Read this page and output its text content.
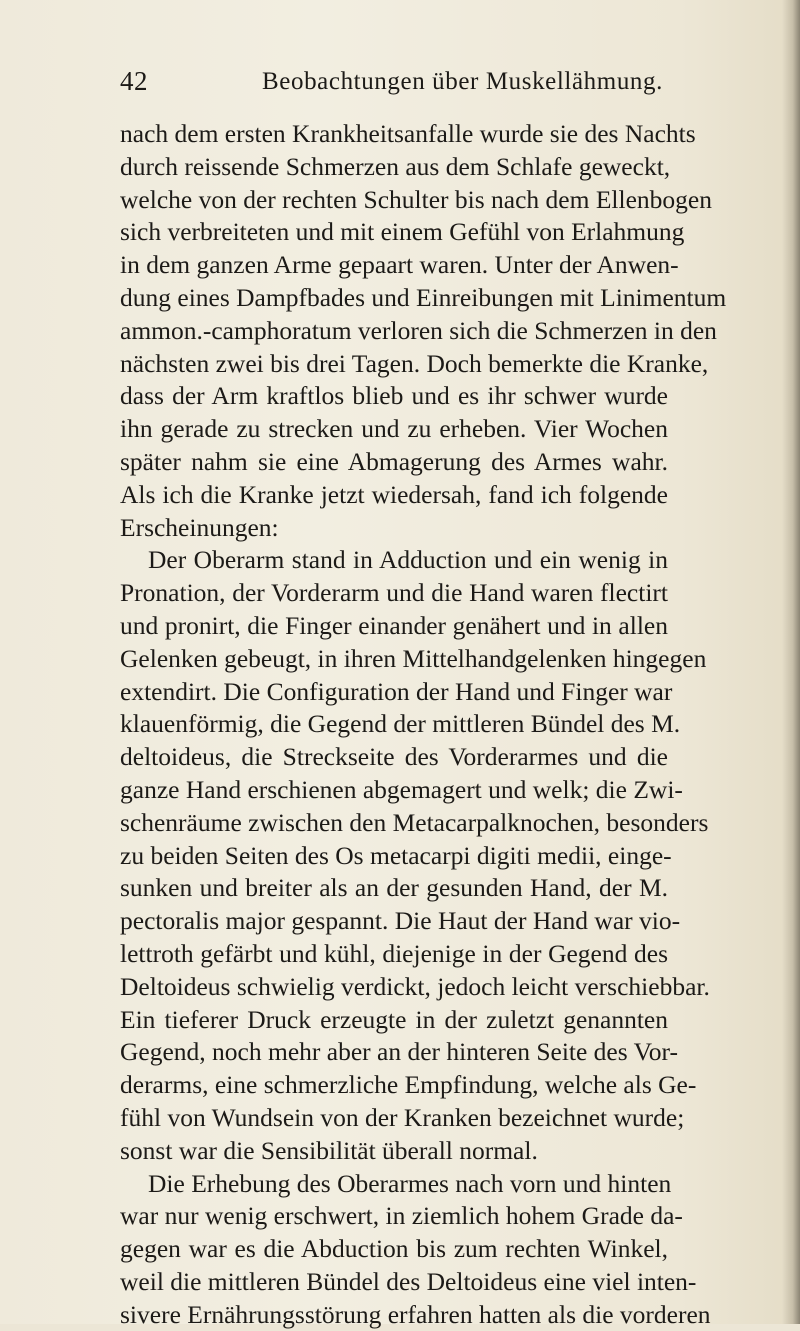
42	Beobachtungen über Muskellähmung.
nach dem ersten Krankheitsanfalle wurde sie des Nachts
durch reissende Schmerzen aus dem Schlafe geweckt,
welche von der rechten Schulter bis nach dem Ellenbogen
sich verbreiteten und mit einem Gefühl von Erlahmung
in dem ganzen Arme gepaart waren. Unter der Anwen-
dung eines Dampfbades und Einreibungen mit Linimentum
ammon.-camphoratum verloren sich die Schmerzen in den
nächsten zwei bis drei Tagen. Doch bemerkte die Kranke,
dass der Arm kraftlos blieb und es ihr schwer wurde
ihn gerade zu strecken und zu erheben. Vier Wochen
später nahm sie eine Abmagerung des Armes wahr.
Als ich die Kranke jetzt wiedersah, fand ich folgende
Erscheinungen:
Der Oberarm stand in Adduction und ein wenig in
Pronation, der Vorderarm und die Hand waren flectirt
und pronirt, die Finger einander genähert und in allen
Gelenken gebeugt, in ihren Mittelhandgelenken hingegen
extendirt. Die Configuration der Hand und Finger war
klauenförmig, die Gegend der mittleren Bündel des M.
deltoideus, die Streckseite des Vorderarmes und die
ganze Hand erschienen abgemagert und welk; die Zwi-
schenräume zwischen den Metacarpalknochen, besonders
zu beiden Seiten des Os metacarpi digiti medii, einge-
sunken und breiter als an der gesunden Hand, der M.
pectoralis major gespannt. Die Haut der Hand war vio-
lettroth gefärbt und kühl, diejenige in der Gegend des
Deltoideus schwielig verdickt, jedoch leicht verschiebbar.
Ein tieferer Druck erzeugte in der zuletzt genannten
Gegend, noch mehr aber an der hinteren Seite des Vor-
derarms, eine schmerzliche Empfindung, welche als Ge-
fühl von Wundsein von der Kranken bezeichnet wurde;
sonst war die Sensibilität überall normal.
Die Erhebung des Oberarmes nach vorn und hinten
war nur wenig erschwert, in ziemlich hohem Grade da-
gegen war es die Abduction bis zum rechten Winkel,
weil die mittleren Bündel des Deltoideus eine viel inten-
sivere Ernährungsstörung erfahren hatten als die vorderen
